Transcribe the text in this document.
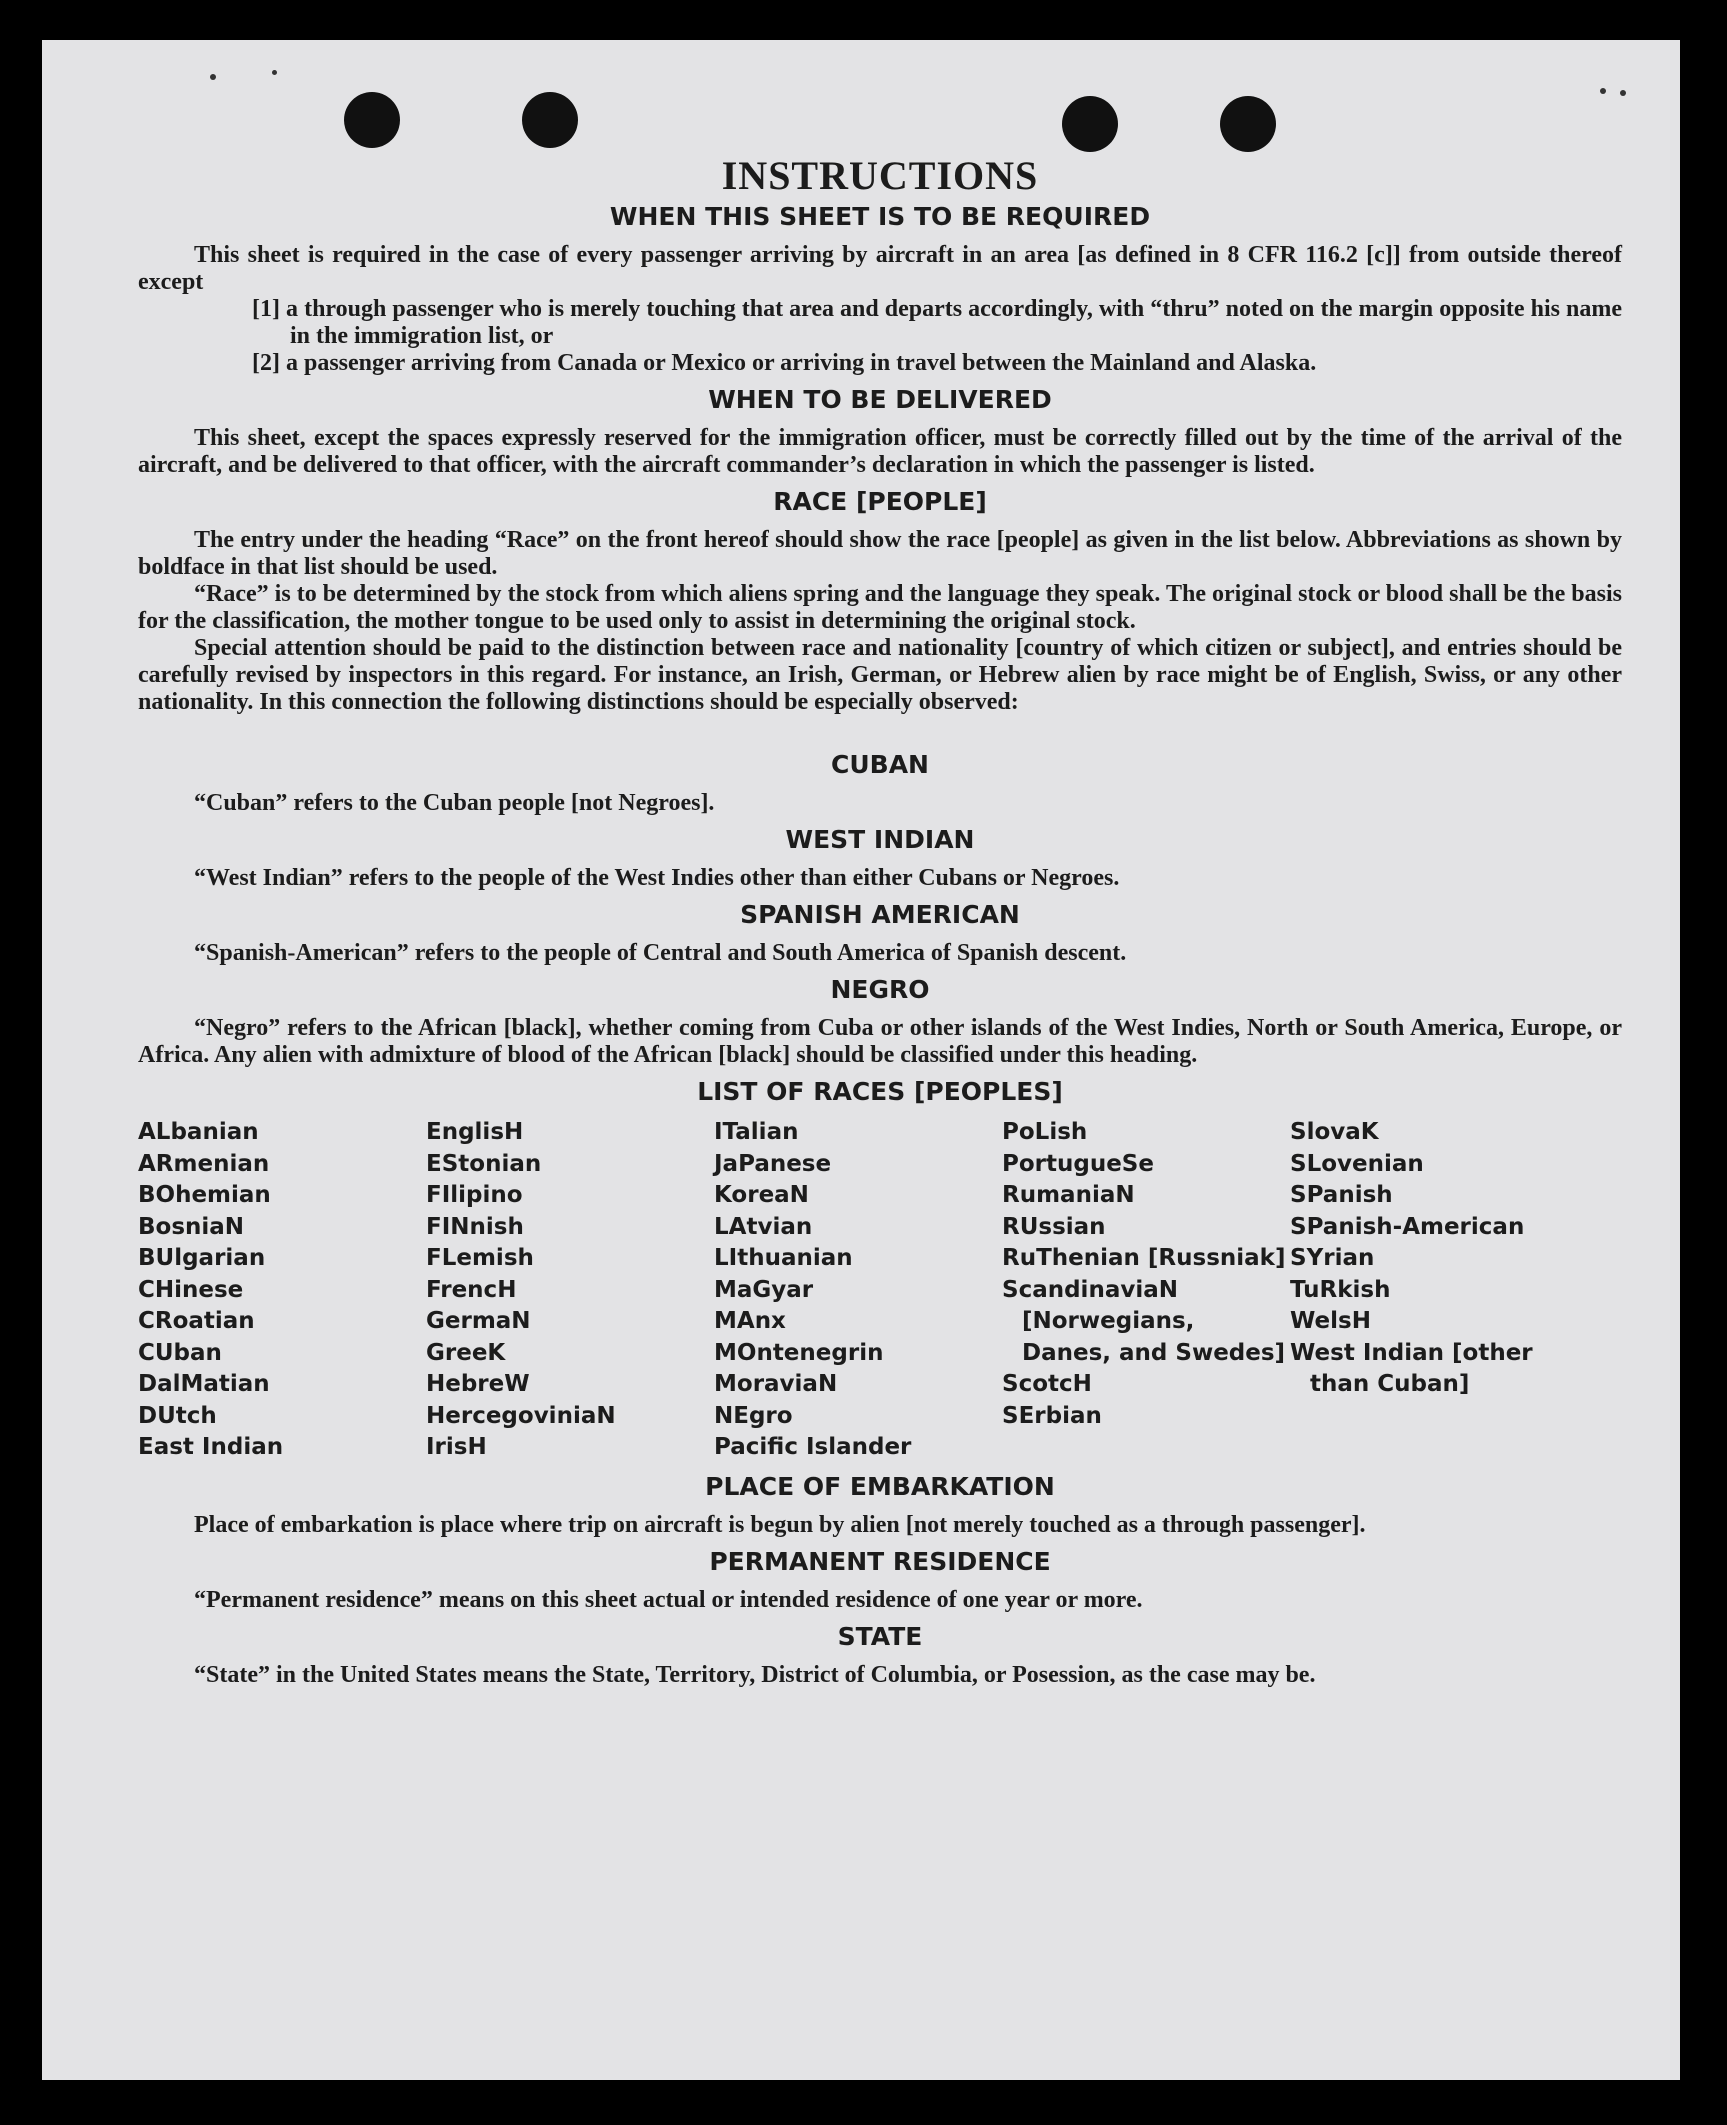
INSTRUCTIONS
WHEN THIS SHEET IS TO BE REQUIRED

This sheet is required in the case of every passenger arriving by aircraft in an area [as defined in 8 CFR 116.2 [c]] from outside thereof except

[1] a through passenger who is merely touching that area and departs accordingly, with “thru” noted on the margin opposite his name in the immigration list, or

[2] a passenger arriving from Canada or Mexico or arriving in travel between the Mainland and Alaska.

WHEN TO BE DELIVERED

This sheet, except the spaces expressly reserved for the immigration officer, must be correctly filled out by the time of the arrival of the aircraft, and be delivered to that officer, with the aircraft commander’s declaration in which the passenger is listed.

RACE [PEOPLE]

The entry under the heading “Race” on the front hereof should show the race [people] as given in the list below. Abbreviations as shown by boldface in that list should be used.

“Race” is to be determined by the stock from which aliens spring and the language they speak. The original stock or blood shall be the basis for the classification, the mother tongue to be used only to assist in determining the original stock.

Special attention should be paid to the distinction between race and nationality [country of which citizen or subject], and entries should be carefully revised by inspectors in this regard. For instance, an Irish, German, or Hebrew alien by race might be of English, Swiss, or any other nationality. In this connection the following distinctions should be especially observed:

CUBAN

“Cuban” refers to the Cuban people [not Negroes].

WEST INDIAN

“West Indian” refers to the people of the West Indies other than either Cubans or Negroes.

SPANISH AMERICAN

“Spanish-American” refers to the people of Central and South America of Spanish descent.

NEGRO

“Negro” refers to the African [black], whether coming from Cuba or other islands of the West Indies, North or South America, Europe, or Africa. Any alien with admixture of blood of the African [black] should be classified under this heading.

LIST OF RACES [PEOPLES]
ALbanian
ARmenian
BOhemian
BosniaN
BUlgarian
CHinese
CRoatian
CUban
DalMatian
DUtch
East Indian
EnglisH
EStonian
FIlipino
FINnish
FLemish
FrencH
GermaN
GreeK
HebreW
HercegoviniaN
IrisH
ITalian
JaPanese
KoreaN
LAtvian
LIthuanian
MaGyar
MAnx
MOntenegrin
MoraviaN
NEgro
Pacific Islander
PoLish
PortugueSe
RumaniaN
RUssian
RuThenian [Russniak]
ScandinaviaN [Norwegians, Danes, and Swedes]
ScotcH
SErbian
SlovaK
SLovenian
SPanish
SPanish-American
SYrian
TuRkish
WelsH
West Indian [other than Cuban]
PLACE OF EMBARKATION

Place of embarkation is place where trip on aircraft is begun by alien [not merely touched as a through passenger].

PERMANENT RESIDENCE

“Permanent residence” means on this sheet actual or intended residence of one year or more.

STATE

“State” in the United States means the State, Territory, District of Columbia, or Posession, as the case may be.
